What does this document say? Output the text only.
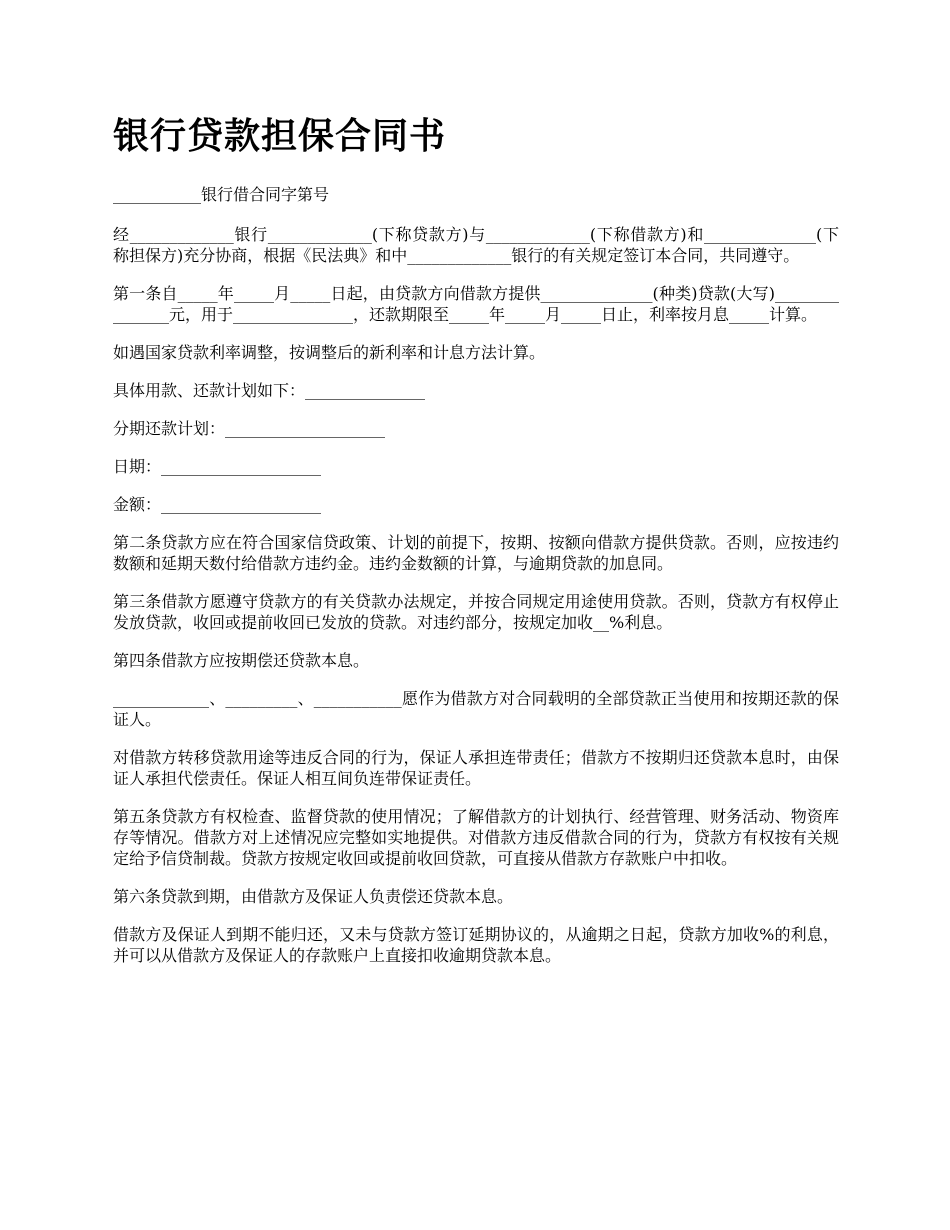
银行贷款担保合同书

___________银行借合同字第号

经_____________银行_____________(下称贷款方)与_____________(下称借款方)和______________(下称担保方)充分协商，根据《民法典》和中_____________银行的有关规定签订本合同，共同遵守。

第一条自_____年_____月_____日起，由贷款方向借款方提供______________(种类)贷款(大写)_______________元，用于_______________，还款期限至_____年_____月_____日止，利率按月息_____计算。

如遇国家贷款利率调整，按调整后的新利率和计息方法计算。

具体用款、还款计划如下：_______________

分期还款计划：____________________

日期：____________________

金额：____________________

第二条贷款方应在符合国家信贷政策、计划的前提下，按期、按额向借款方提供贷款。否则，应按违约数额和延期天数付给借款方违约金。违约金数额的计算，与逾期贷款的加息同。

第三条借款方愿遵守贷款方的有关贷款办法规定，并按合同规定用途使用贷款。否则，贷款方有权停止发放贷款，收回或提前收回已发放的贷款。对违约部分，按规定加收__%利息。

第四条借款方应按期偿还贷款本息。

____________、_________、___________愿作为借款方对合同载明的全部贷款正当使用和按期还款的保证人。

对借款方转移贷款用途等违反合同的行为，保证人承担连带责任；借款方不按期归还贷款本息时，由保证人承担代偿责任。保证人相互间负连带保证责任。

第五条贷款方有权检查、监督贷款的使用情况；了解借款方的计划执行、经营管理、财务活动、物资库存等情况。借款方对上述情况应完整如实地提供。对借款方违反借款合同的行为，贷款方有权按有关规定给予信贷制裁。贷款方按规定收回或提前收回贷款，可直接从借款方存款账户中扣收。

第六条贷款到期，由借款方及保证人负责偿还贷款本息。

借款方及保证人到期不能归还，又未与贷款方签订延期协议的，从逾期之日起，贷款方加收%的利息，并可以从借款方及保证人的存款账户上直接扣收逾期贷款本息。
